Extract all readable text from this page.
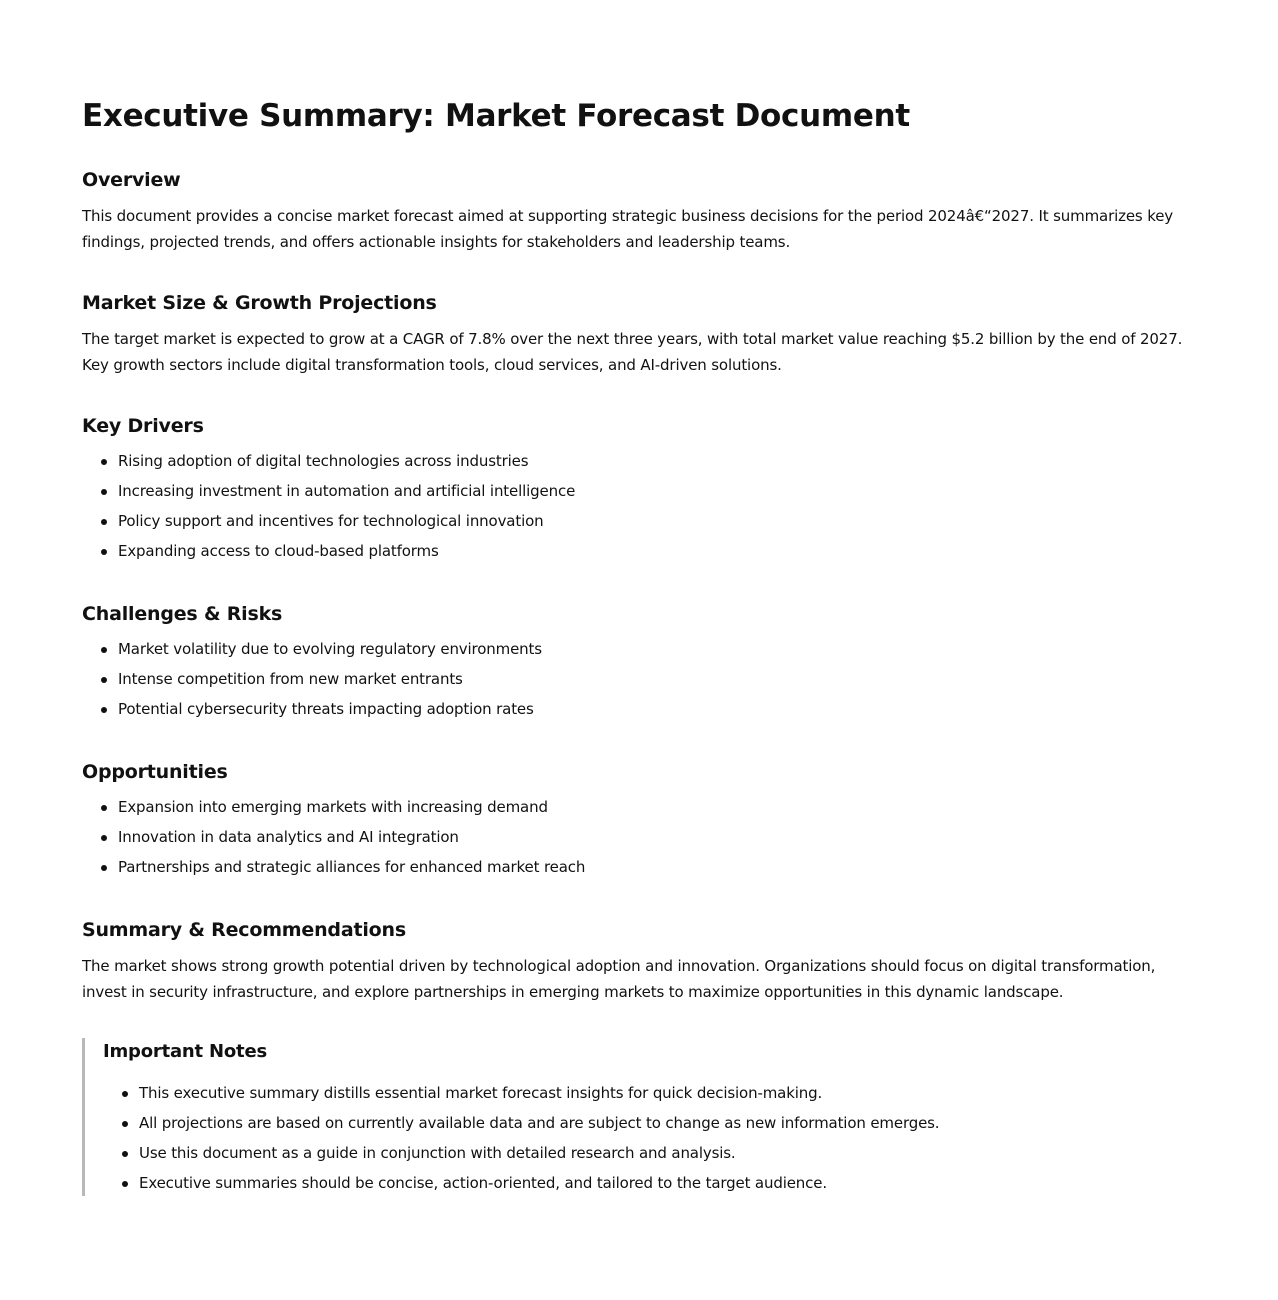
Executive Summary: Market Forecast Document
Overview

This document provides a concise market forecast aimed at supporting strategic business decisions for the period 2024â€“2027. It summarizes key findings, projected trends, and offers actionable insights for stakeholders and leadership teams.

Market Size & Growth Projections

The target market is expected to grow at a CAGR of 7.8% over the next three years, with total market value reaching $5.2 billion by the end of 2027. Key growth sectors include digital transformation tools, cloud services, and AI-driven solutions.

Key Drivers
Rising adoption of digital technologies across industries
Increasing investment in automation and artificial intelligence
Policy support and incentives for technological innovation
Expanding access to cloud-based platforms
Challenges & Risks
Market volatility due to evolving regulatory environments
Intense competition from new market entrants
Potential cybersecurity threats impacting adoption rates
Opportunities
Expansion into emerging markets with increasing demand
Innovation in data analytics and AI integration
Partnerships and strategic alliances for enhanced market reach
Summary & Recommendations

The market shows strong growth potential driven by technological adoption and innovation. Organizations should focus on digital transformation, invest in security infrastructure, and explore partnerships in emerging markets to maximize opportunities in this dynamic landscape.

Important Notes
This executive summary distills essential market forecast insights for quick decision-making.
All projections are based on currently available data and are subject to change as new information emerges.
Use this document as a guide in conjunction with detailed research and analysis.
Executive summaries should be concise, action-oriented, and tailored to the target audience.
